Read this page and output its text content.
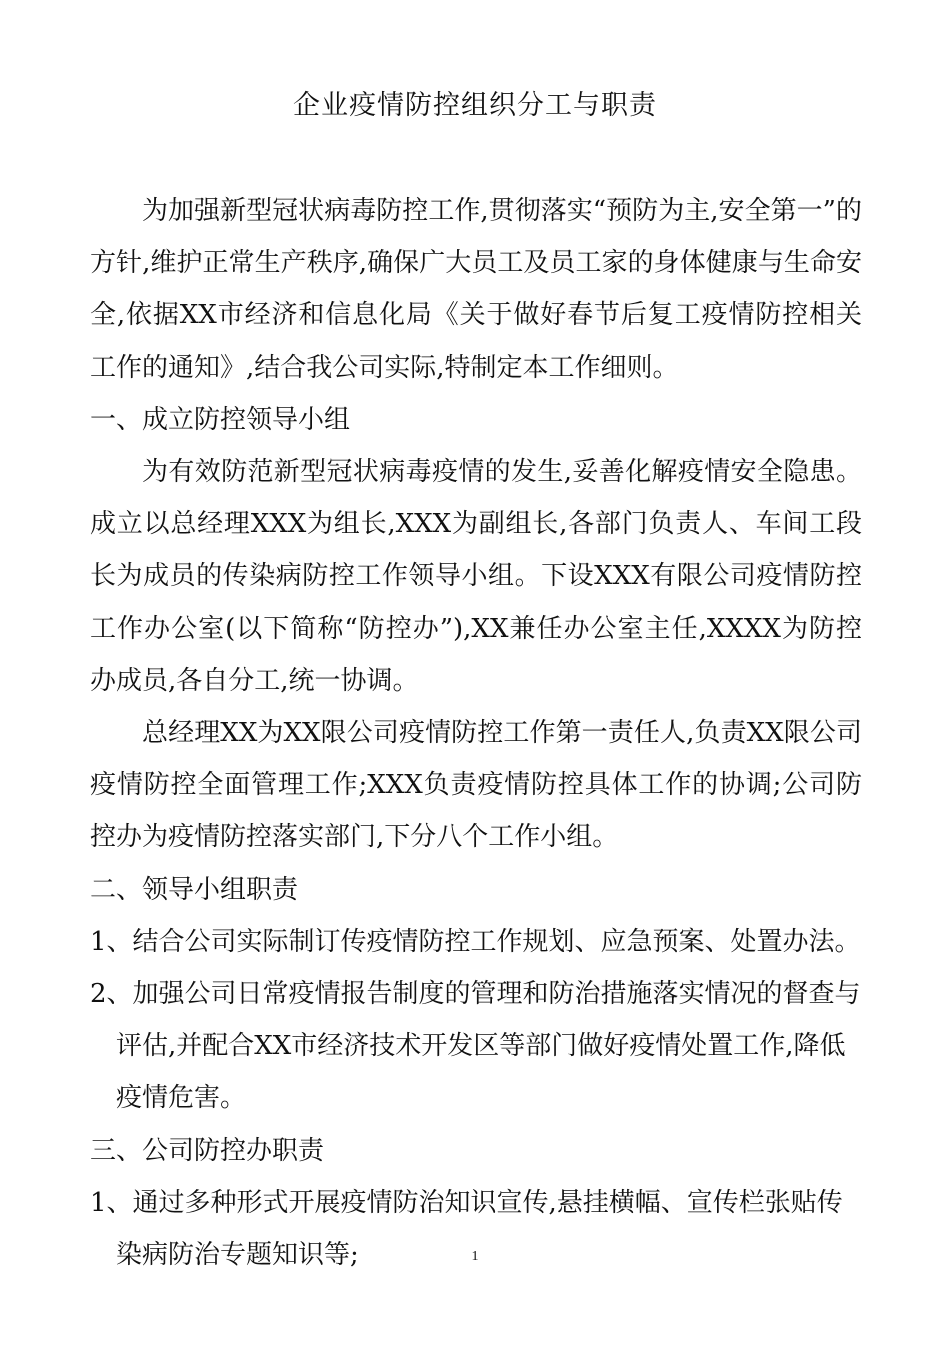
企业疫情防控组织分工与职责

为加强新型冠状病毒防控工作,贯彻落实“预防为主,安全第一”的方针,维护正常生产秩序,确保广大员工及员工家的身体健康与生命安全,依据XX市经济和信息化局《关于做好春节后复工疫情防控相关工作的通知》,结合我公司实际,特制定本工作细则。

一、成立防控领导小组

为有效防范新型冠状病毒疫情的发生,妥善化解疫情安全隐患。成立以总经理XXX为组长,XXX为副组长,各部门负责人、车间工段长为成员的传染病防控工作领导小组。下设XXX有限公司疫情防控工作办公室(以下简称“防控办”),XX兼任办公室主任,XXXX为防控办成员,各自分工,统一协调。

总经理XX为XX限公司疫情防控工作第一责任人,负责XX限公司疫情防控全面管理工作;XXX负责疫情防控具体工作的协调;公司防控办为疫情防控落实部门,下分八个工作小组。

二、领导小组职责

1、结合公司实际制订传疫情防控工作规划、应急预案、处置办法。

2、加强公司日常疫情报告制度的管理和防治措施落实情况的督查与评估,并配合XX市经济技术开发区等部门做好疫情处置工作,降低疫情危害。

三、公司防控办职责

1、通过多种形式开展疫情防治知识宣传,悬挂横幅、宣传栏张贴传染病防治专题知识等;	1
